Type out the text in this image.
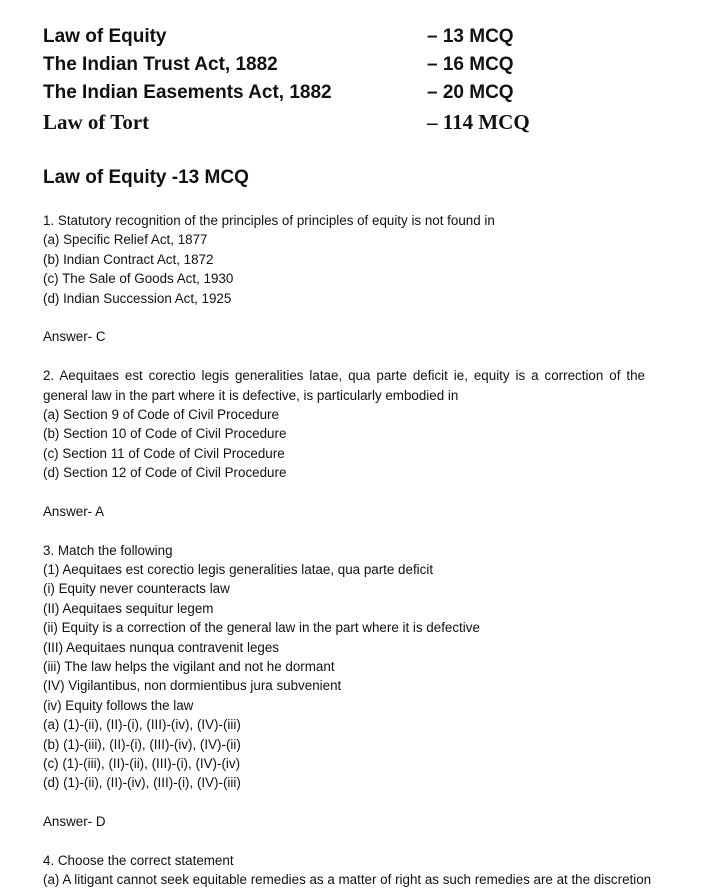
Law of Equity	– 13 MCQ
The Indian Trust Act, 1882	– 16 MCQ
The Indian Easements Act, 1882	– 20 MCQ
Law of Tort	– 114 MCQ
Law of Equity -13 MCQ
1. Statutory recognition of the principles of principles of equity is not found in
(a) Specific Relief Act, 1877
(b) Indian Contract Act, 1872
(c) The Sale of Goods Act, 1930
(d) Indian Succession Act, 1925
Answer- C
2. Aequitaes est corectio legis generalities latae, qua parte deficit ie, equity is a correction of the
general law in the part where it is defective, is particularly embodied in
(a) Section 9 of Code of Civil Procedure
(b) Section 10 of Code of Civil Procedure
(c) Section 11 of Code of Civil Procedure
(d) Section 12 of Code of Civil Procedure
Answer- A
3. Match the following
(1) Aequitaes est corectio legis generalities latae, qua parte deficit
(i) Equity never counteracts law
(II) Aequitaes sequitur legem
(ii) Equity is a correction of the general law in the part where it is defective
(III) Aequitaes nunqua contravenit leges
(iii) The law helps the vigilant and not he dormant
(IV) Vigilantibus, non dormientibus jura subvenient
(iv) Equity follows the law
(a) (1)-(ii), (II)-(i), (III)-(iv), (IV)-(iii)
(b) (1)-(iii), (II)-(i), (III)-(iv), (IV)-(ii)
(c) (1)-(iii), (II)-(ii), (III)-(i), (IV)-(iv)
(d) (1)-(ii), (II)-(iv), (III)-(i), (IV)-(iii)
Answer- D
4. Choose the correct statement
(a) A litigant cannot seek equitable remedies as a matter of right as such remedies are at the discretion
